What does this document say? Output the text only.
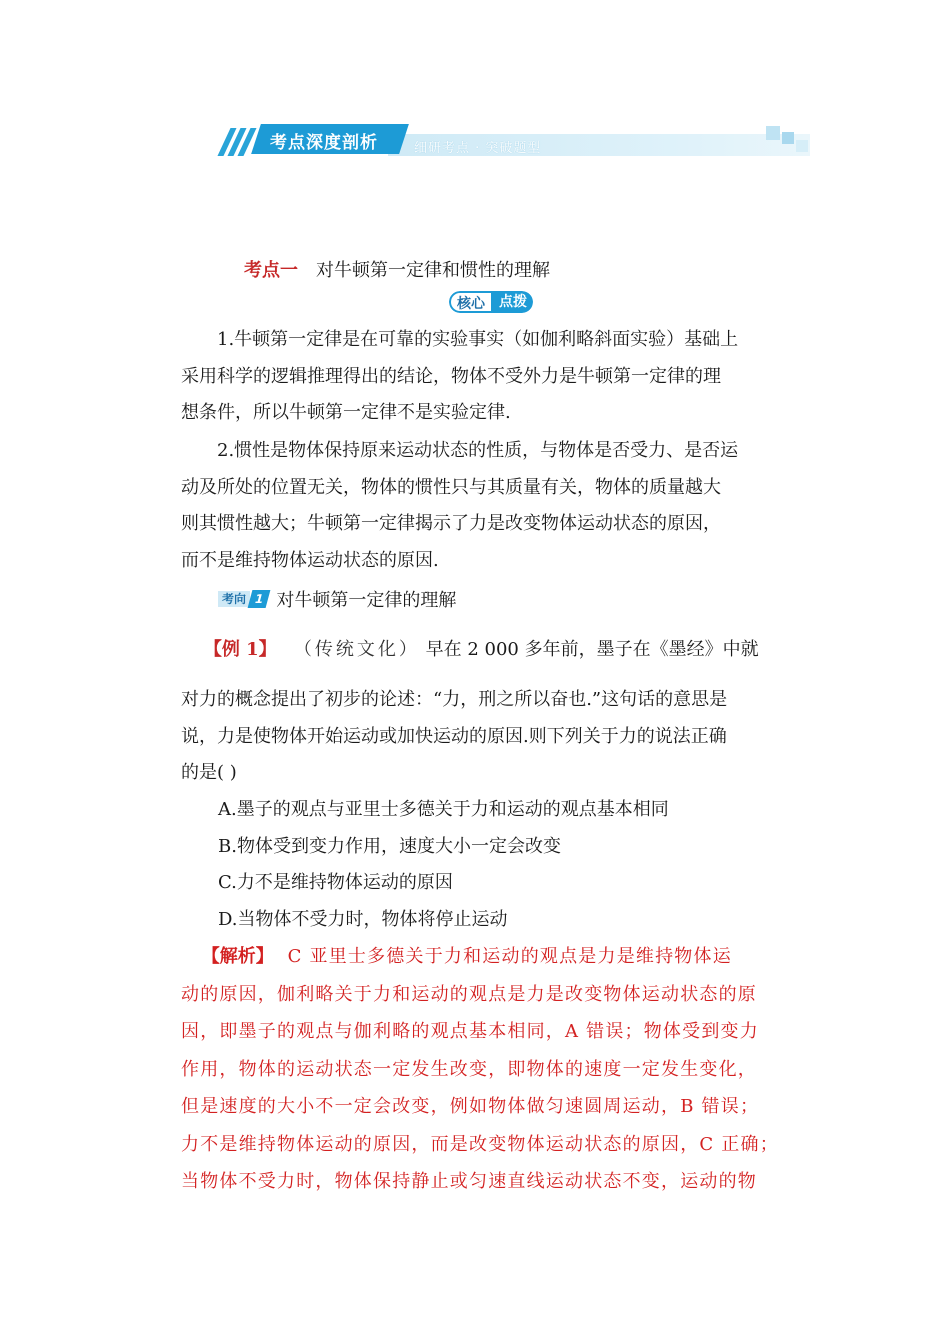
考点深度剖析	细研考点 · 突破题型
考点一 对牛顿第一定律和惯性的理解
核心	点拨
1.牛顿第一定律是在可靠的实验事实（如伽利略斜面实验）基础上
采用科学的逻辑推理得出的结论，物体不受外力是牛顿第一定律的理
想条件，所以牛顿第一定律不是实验定律.
2.惯性是物体保持原来运动状态的性质，与物体是否受力、是否运
动及所处的位置无关，物体的惯性只与其质量有关，物体的质量越大
则其惯性越大；牛顿第一定律揭示了力是改变物体运动状态的原因，
而不是维持物体运动状态的原因.
考向 1 对牛顿第一定律的理解
【例 1】 （传统文化） 早在 2 000 多年前，墨子在《墨经》中就
对力的概念提出了初步的论述：“力，刑之所以奋也.”这句话的意思是
说，力是使物体开始运动或加快运动的原因.则下列关于力的说法正确
的是( )
A.墨子的观点与亚里士多德关于力和运动的观点基本相同
B.物体受到变力作用，速度大小一定会改变
C.力不是维持物体运动的原因
D.当物体不受力时，物体将停止运动
【解析】 C 亚里士多德关于力和运动的观点是力是维持物体运
动的原因，伽利略关于力和运动的观点是力是改变物体运动状态的原
因，即墨子的观点与伽利略的观点基本相同，A 错误；物体受到变力
作用，物体的运动状态一定发生改变，即物体的速度一定发生变化，
但是速度的大小不一定会改变，例如物体做匀速圆周运动，B 错误；
力不是维持物体运动的原因，而是改变物体运动状态的原因，C 正确；
当物体不受力时，物体保持静止或匀速直线运动状态不变，运动的物
